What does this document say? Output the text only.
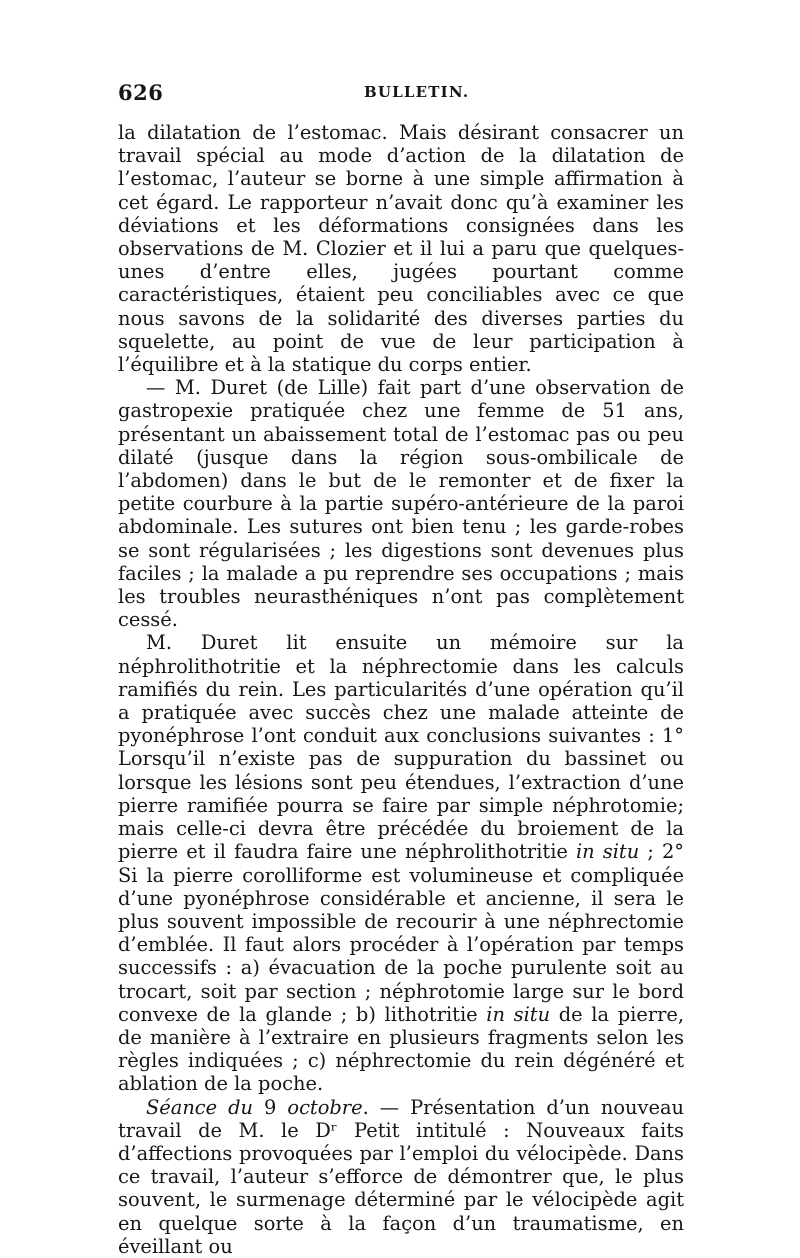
626	BULLETIN.

la dilatation de l’estomac. Mais désirant consacrer un travail spécial au mode d’action de la dilatation de l’estomac, l’auteur se borne à une simple affirmation à cet égard. Le rapporteur n’avait donc qu’à examiner les déviations et les déformations consignées dans les observations de M. Clozier et il lui a paru que quelques-unes d’entre elles, jugées pourtant comme caractéristiques, étaient peu conciliables avec ce que nous savons de la solidarité des diverses parties du squelette, au point de vue de leur participation à l’équilibre et à la statique du corps entier.

— M. Duret (de Lille) fait part d’une observation de gastropexie pratiquée chez une femme de 51 ans, présentant un abaissement total de l’estomac pas ou peu dilaté (jusque dans la région sous-ombilicale de l’abdomen) dans le but de le remonter et de fixer la petite courbure à la partie supéro-antérieure de la paroi abdominale. Les sutures ont bien tenu ; les garde-robes se sont régularisées ; les digestions sont devenues plus faciles ; la malade a pu reprendre ses occupations ; mais les troubles neurasthéniques n’ont pas complètement cessé.

M. Duret lit ensuite un mémoire sur la néphrolithotritie et la néphrectomie dans les calculs ramifiés du rein. Les particularités d’une opération qu’il a pratiquée avec succès chez une malade atteinte de pyonéphrose l’ont conduit aux conclusions suivantes : 1° Lorsqu’il n’existe pas de suppuration du bassinet ou lorsque les lésions sont peu étendues, l’extraction d’une pierre ramifiée pourra se faire par simple néphrotomie; mais celle-ci devra être précédée du broiement de la pierre et il faudra faire une néphrolithotritie in situ ; 2° Si la pierre corolliforme est volumineuse et compliquée d’une pyonéphrose considérable et ancienne, il sera le plus souvent impossible de recourir à une néphrectomie d’emblée. Il faut alors procéder à l’opération par temps successifs : a) évacuation de la poche purulente soit au trocart, soit par section ; néphrotomie large sur le bord convexe de la glande ; b) lithotritie in situ de la pierre, de manière à l’extraire en plusieurs fragments selon les règles indiquées ; c) néphrectomie du rein dégénéré et ablation de la poche.

Séance du 9 octobre. — Présentation d’un nouveau travail de M. le Dʳ Petit intitulé : Nouveaux faits d’affections provoquées par l’emploi du vélocipède. Dans ce travail, l’auteur s’efforce de démontrer que, le plus souvent, le surmenage déterminé par le vélocipède agit en quelque sorte à la façon d’un traumatisme, en éveillant ou
